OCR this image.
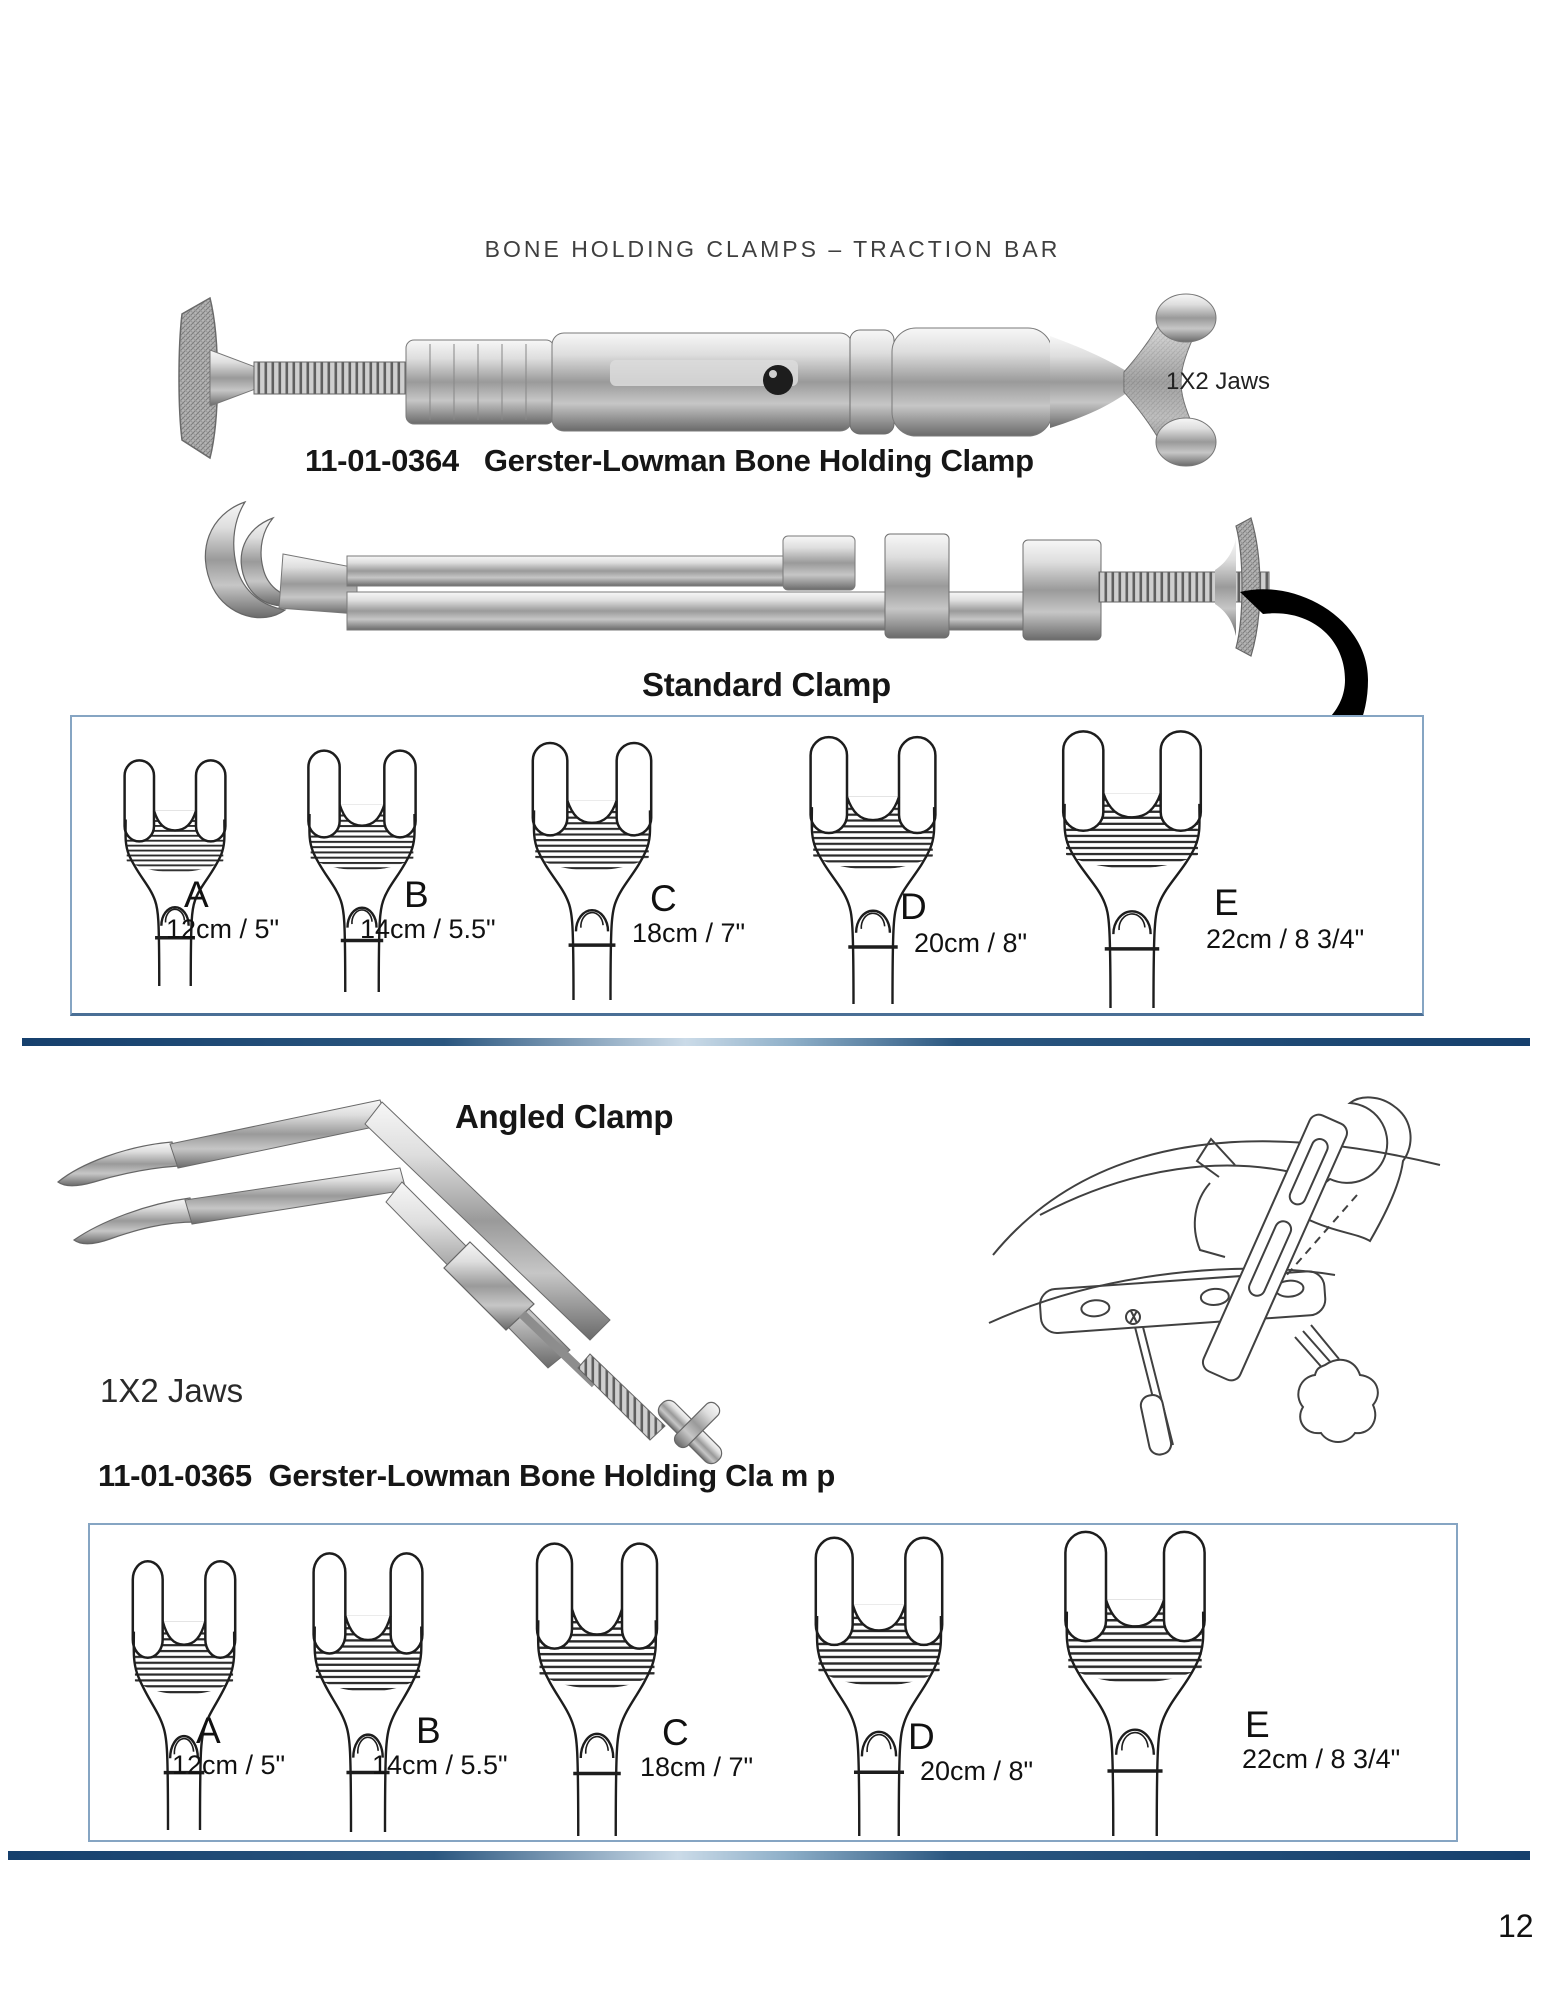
BONE HOLDING CLAMPS – TRACTION BAR
1X2 Jaws
11-01-0364 Gerster-Lowman Bone Holding Clamp
Standard Clamp
A
12cm / 5"
B
14cm / 5.5"
C
18cm / 7"
D
20cm / 8"
E
22cm / 8 3/4"
Angled Clamp
1X2 Jaws
11-01-0365 Gerster-Lowman Bone Holding Cla m p
A
12cm / 5"
B
14cm / 5.5"
C
18cm / 7"
D
20cm / 8"
E
22cm / 8 3/4"
12
